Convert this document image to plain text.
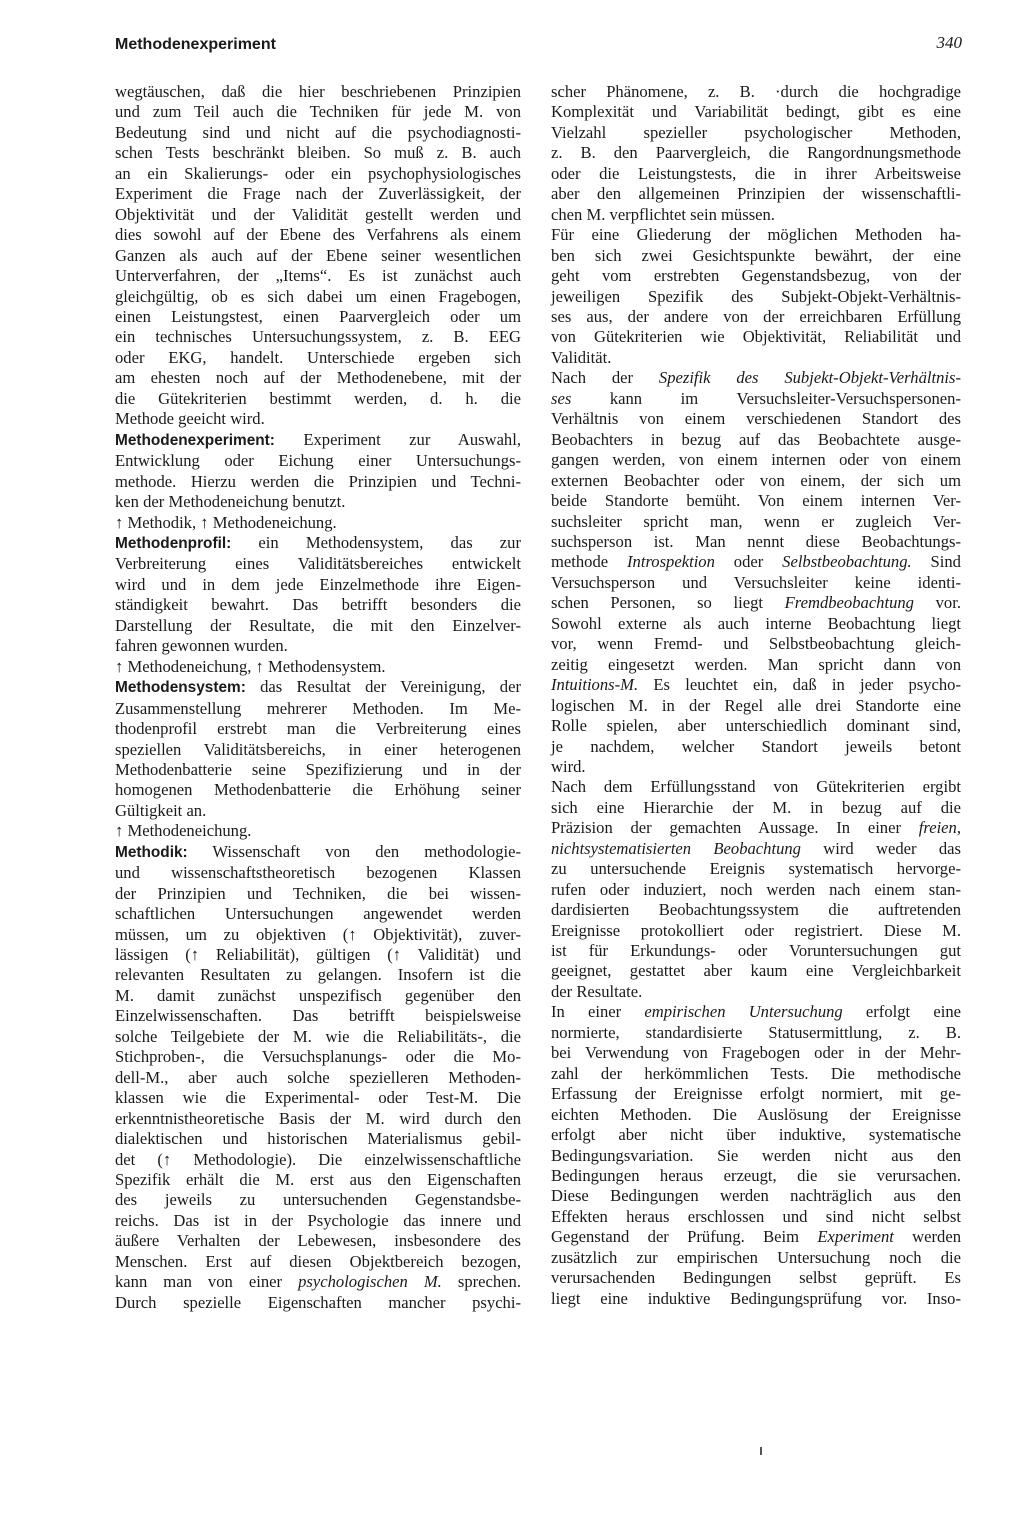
Methodenexperiment	340
wegtäuschen, daß die hier beschriebenen Prinzipien
und zum Teil auch die Techniken für jede M. von
Bedeutung sind und nicht auf die psychodiagnosti-
schen Tests beschränkt bleiben. So muß z. B. auch
an ein Skalierungs- oder ein psychophysiologisches
Experiment die Frage nach der Zuverlässigkeit, der
Objektivität und der Validität gestellt werden und
dies sowohl auf der Ebene des Verfahrens als einem
Ganzen als auch auf der Ebene seiner wesentlichen
Unterverfahren, der „Items“. Es ist zunächst auch
gleichgültig, ob es sich dabei um einen Fragebogen,
einen Leistungstest, einen Paarvergleich oder um
ein technisches Untersuchungssystem, z. B. EEG
oder EKG, handelt. Unterschiede ergeben sich
am ehesten noch auf der Methodenebene, mit der
die Gütekriterien bestimmt werden, d. h. die
Methode geeicht wird.
Methodenexperiment: Experiment zur Auswahl,
Entwicklung oder Eichung einer Untersuchungs-
methode. Hierzu werden die Prinzipien und Techni-
ken der Methodeneichung benutzt.
↑ Methodik, ↑ Methodeneichung.
Methodenprofil: ein Methodensystem, das zur
Verbreiterung eines Validitätsbereiches entwickelt
wird und in dem jede Einzelmethode ihre Eigen-
ständigkeit bewahrt. Das betrifft besonders die
Darstellung der Resultate, die mit den Einzelver-
fahren gewonnen wurden.
↑ Methodeneichung, ↑ Methodensystem.
Methodensystem: das Resultat der Vereinigung, der
Zusammenstellung mehrerer Methoden. Im Me-
thodenprofil erstrebt man die Verbreiterung eines
speziellen Validitätsbereichs, in einer heterogenen
Methodenbatterie seine Spezifizierung und in der
homogenen Methodenbatterie die Erhöhung seiner
Gültigkeit an.
↑ Methodeneichung.
Methodik: Wissenschaft von den methodologie-
und wissenschaftstheoretisch bezogenen Klassen
der Prinzipien und Techniken, die bei wissen-
schaftlichen Untersuchungen angewendet werden
müssen, um zu objektiven (↑ Objektivität), zuver-
lässigen (↑ Reliabilität), gültigen (↑ Validität) und
relevanten Resultaten zu gelangen. Insofern ist die
M. damit zunächst unspezifisch gegenüber den
Einzelwissenschaften. Das betrifft beispielsweise
solche Teilgebiete der M. wie die Reliabilitäts-, die
Stichproben-, die Versuchsplanungs- oder die Mo-
dell-M., aber auch solche spezielleren Methoden-
klassen wie die Experimental- oder Test-M. Die
erkenntnistheoretische Basis der M. wird durch den
dialektischen und historischen Materialismus gebil-
det (↑ Methodologie). Die einzelwissenschaftliche
Spezifik erhält die M. erst aus den Eigenschaften
des jeweils zu untersuchenden Gegenstandsbe-
reichs. Das ist in der Psychologie das innere und
äußere Verhalten der Lebewesen, insbesondere des
Menschen. Erst auf diesen Objektbereich bezogen,
kann man von einer psychologischen M. sprechen.
Durch spezielle Eigenschaften mancher psychi-
scher Phänomene, z. B. ·durch die hochgradige
Komplexität und Variabilität bedingt, gibt es eine
Vielzahl spezieller psychologischer Methoden,
z. B. den Paarvergleich, die Rangordnungsmethode
oder die Leistungstests, die in ihrer Arbeitsweise
aber den allgemeinen Prinzipien der wissenschaftli-
chen M. verpflichtet sein müssen.
Für eine Gliederung der möglichen Methoden ha-
ben sich zwei Gesichtspunkte bewährt, der eine
geht vom erstrebten Gegenstandsbezug, von der
jeweiligen Spezifik des Subjekt-Objekt-Verhältnis-
ses aus, der andere von der erreichbaren Erfüllung
von Gütekriterien wie Objektivität, Reliabilität und
Validität.
Nach der Spezifik des Subjekt-Objekt-Verhältnis-
ses kann im Versuchsleiter-Versuchspersonen-
Verhältnis von einem verschiedenen Standort des
Beobachters in bezug auf das Beobachtete ausge-
gangen werden, von einem internen oder von einem
externen Beobachter oder von einem, der sich um
beide Standorte bemüht. Von einem internen Ver-
suchsleiter spricht man, wenn er zugleich Ver-
suchsperson ist. Man nennt diese Beobachtungs-
methode Introspektion oder Selbstbeobachtung. Sind
Versuchsperson und Versuchsleiter keine identi-
schen Personen, so liegt Fremdbeobachtung vor.
Sowohl externe als auch interne Beobachtung liegt
vor, wenn Fremd- und Selbstbeobachtung gleich-
zeitig eingesetzt werden. Man spricht dann von
Intuitions-M. Es leuchtet ein, daß in jeder psycho-
logischen M. in der Regel alle drei Standorte eine
Rolle spielen, aber unterschiedlich dominant sind,
je nachdem, welcher Standort jeweils betont
wird.
Nach dem Erfüllungsstand von Gütekriterien ergibt
sich eine Hierarchie der M. in bezug auf die
Präzision der gemachten Aussage. In einer freien,
nichtsystematisierten Beobachtung wird weder das
zu untersuchende Ereignis systematisch hervorge-
rufen oder induziert, noch werden nach einem stan-
dardisierten Beobachtungssystem die auftretenden
Ereignisse protokolliert oder registriert. Diese M.
ist für Erkundungs- oder Voruntersuchungen gut
geeignet, gestattet aber kaum eine Vergleichbarkeit
der Resultate.
In einer empirischen Untersuchung erfolgt eine
normierte, standardisierte Statusermittlung, z. B.
bei Verwendung von Fragebogen oder in der Mehr-
zahl der herkömmlichen Tests. Die methodische
Erfassung der Ereignisse erfolgt normiert, mit ge-
eichten Methoden. Die Auslösung der Ereignisse
erfolgt aber nicht über induktive, systematische
Bedingungsvariation. Sie werden nicht aus den
Bedingungen heraus erzeugt, die sie verursachen.
Diese Bedingungen werden nachträglich aus den
Effekten heraus erschlossen und sind nicht selbst
Gegenstand der Prüfung. Beim Experiment werden
zusätzlich zur empirischen Untersuchung noch die
verursachenden Bedingungen selbst geprüft. Es
liegt eine induktive Bedingungsprüfung vor. Inso-
